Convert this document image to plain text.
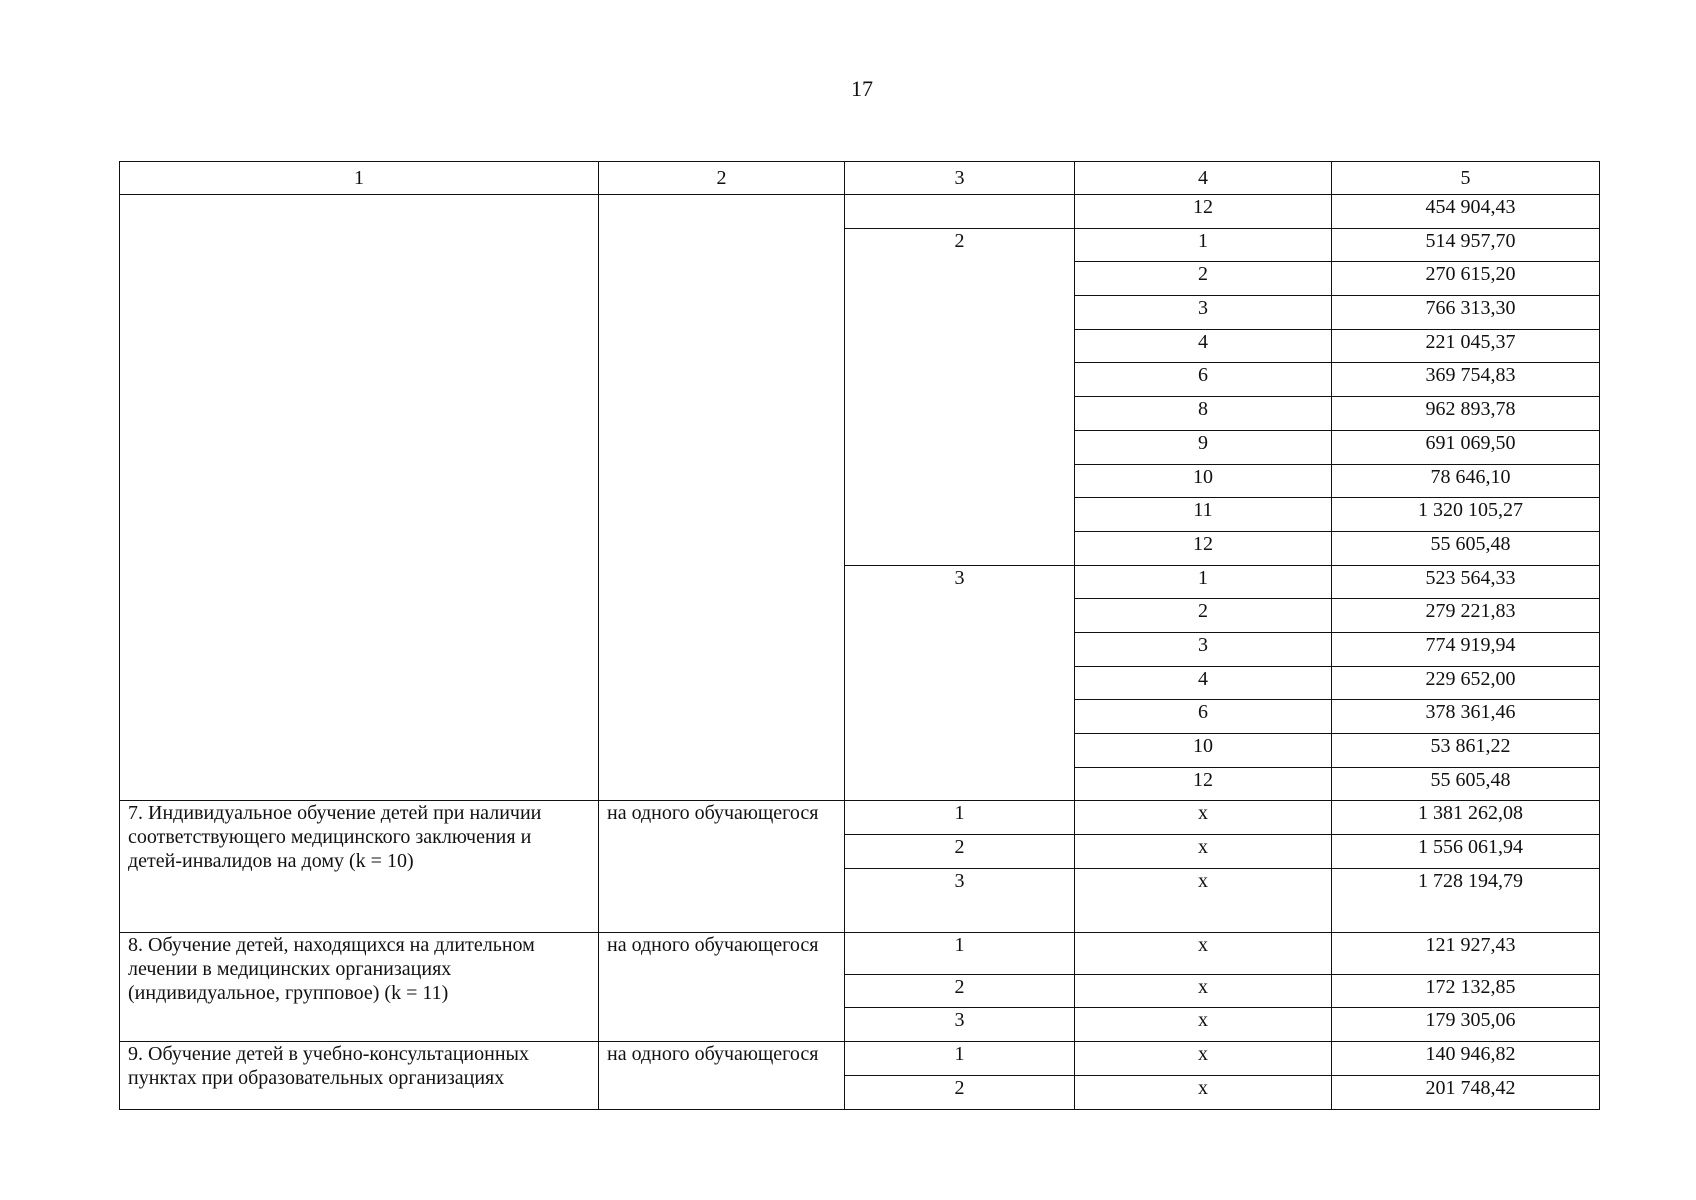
17
1	2	3	4	5
			12	454 904,43
		2	1	514 957,70
			2	270 615,20
			3	766 313,30
			4	221 045,37
			6	369 754,83
			8	962 893,78
			9	691 069,50
			10	78 646,10
			11	1 320 105,27
			12	55 605,48
		3	1	523 564,33
			2	279 221,83
			3	774 919,94
			4	229 652,00
			6	378 361,46
			10	53 861,22
			12	55 605,48
7. Индивидуальное обучение детей при наличии соответствующего медицинского заключения и детей-инвалидов на дому (k = 10)	на одного обучающегося	1	х	1 381 262,08
		2	х	1 556 061,94
		3	х	1 728 194,79
8. Обучение детей, находящихся на длительном лечении в медицинских организациях (индивидуальное, групповое) (k = 11)	на одного обучающегося	1	х	121 927,43
		2	х	172 132,85
		3	х	179 305,06
9. Обучение детей в учебно-консультационных пунктах при образовательных организациях	на одного обучающегося	1	х	140 946,82
		2	х	201 748,42
